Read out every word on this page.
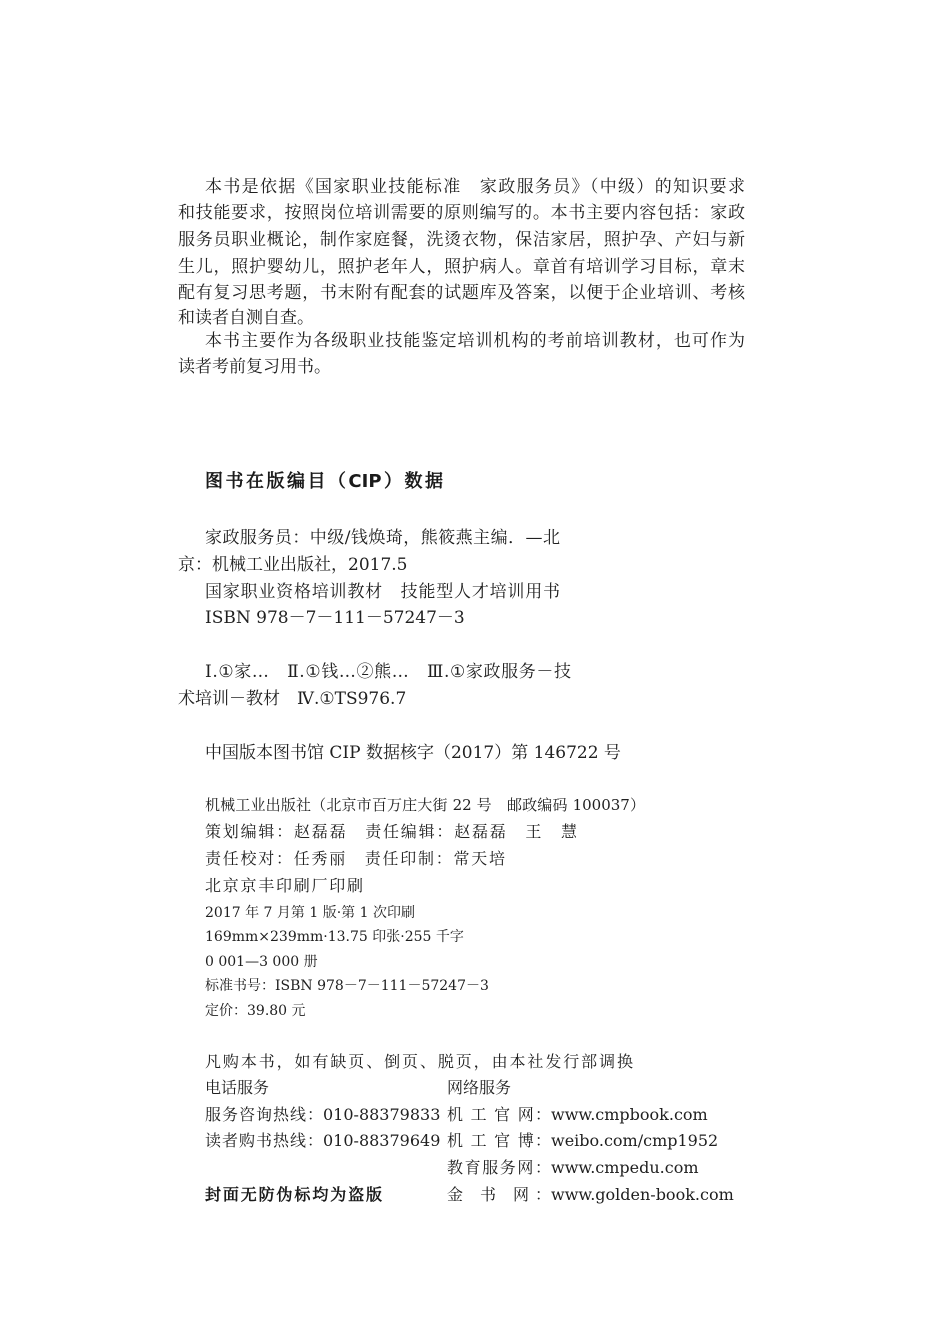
本书是依据《国家职业技能标准　家政服务员》（中级）的知识要求
和技能要求，按照岗位培训需要的原则编写的。本书主要内容包括：家政
服务员职业概论，制作家庭餐，洗烫衣物，保洁家居，照护孕、产妇与新
生儿，照护婴幼儿，照护老年人，照护病人。章首有培训学习目标，章末
配有复习思考题，书末附有配套的试题库及答案，以便于企业培训、考核
和读者自测自查。
本书主要作为各级职业技能鉴定培训机构的考前培训教材，也可作为
读者考前复习用书。
图书在版编目（CIP）数据
家政服务员：中级/钱焕琦，熊筱燕主编．—北
京：机械工业出版社，2017.5
国家职业资格培训教材　技能型人才培训用书
ISBN 978－7－111－57247－3
Ⅰ.①家…　Ⅱ.①钱…②熊…　Ⅲ.①家政服务－技
术培训－教材　Ⅳ.①TS976.7
中国版本图书馆 CIP 数据核字（2017）第 146722 号
机械工业出版社（北京市百万庄大街 22 号　邮政编码 100037）
策划编辑：赵磊磊　责任编辑：赵磊磊　王　慧
责任校对：任秀丽　责任印制：常天培
北京京丰印刷厂印刷
2017 年 7 月第 1 版·第 1 次印刷
169mm×239mm·13.75 印张·255 千字
0 001—3 000 册
标准书号：ISBN 978－7－111－57247－3
定价：39.80 元
凡购本书，如有缺页、倒页、脱页，由本社发行部调换
电话服务	网络服务
服务咨询热线：010-88379833
读者购书热线：010-88379649
机 工 官 网：www.cmpbook.com
机 工 官 博：weibo.com/cmp1952
教育服务网：www.cmpedu.com
封面无防伪标均为盗版	金 书 网：www.golden-book.com
